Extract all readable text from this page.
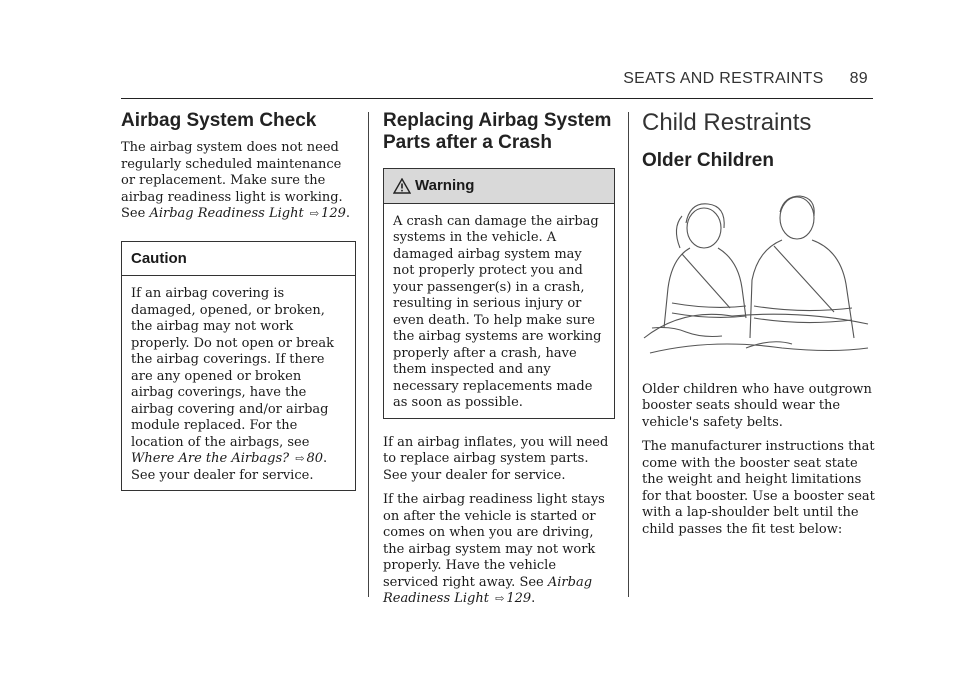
SEATS AND RESTRAINTS 89
Airbag System Check

The airbag system does not need regularly scheduled maintenance or replacement. Make sure the airbag readiness light is working. See Airbag Readiness Light ⇨ 129.

Caution
If an airbag covering is damaged, opened, or broken, the airbag may not work properly. Do not open or break the airbag coverings. If there are any opened or broken airbag coverings, have the airbag covering and/or airbag module replaced. For the location of the airbags, see Where Are the Airbags? ⇨ 80. See your dealer for service.
Replacing Airbag System Parts after a Crash
Warning
A crash can damage the airbag systems in the vehicle. A damaged airbag system may not properly protect you and your passenger(s) in a crash, resulting in serious injury or even death. To help make sure the airbag systems are working properly after a crash, have them inspected and any necessary replacements made as soon as possible.

If an airbag inflates, you will need to replace airbag system parts. See your dealer for service.

If the airbag readiness light stays on after the vehicle is started or comes on when you are driving, the airbag system may not work properly. Have the vehicle serviced right away. See Airbag Readiness Light ⇨ 129.

Child Restraints
Older Children

Older children who have outgrown booster seats should wear the vehicle's safety belts.

The manufacturer instructions that come with the booster seat state the weight and height limitations for that booster. Use a booster seat with a lap-shoulder belt until the child passes the fit test below:
